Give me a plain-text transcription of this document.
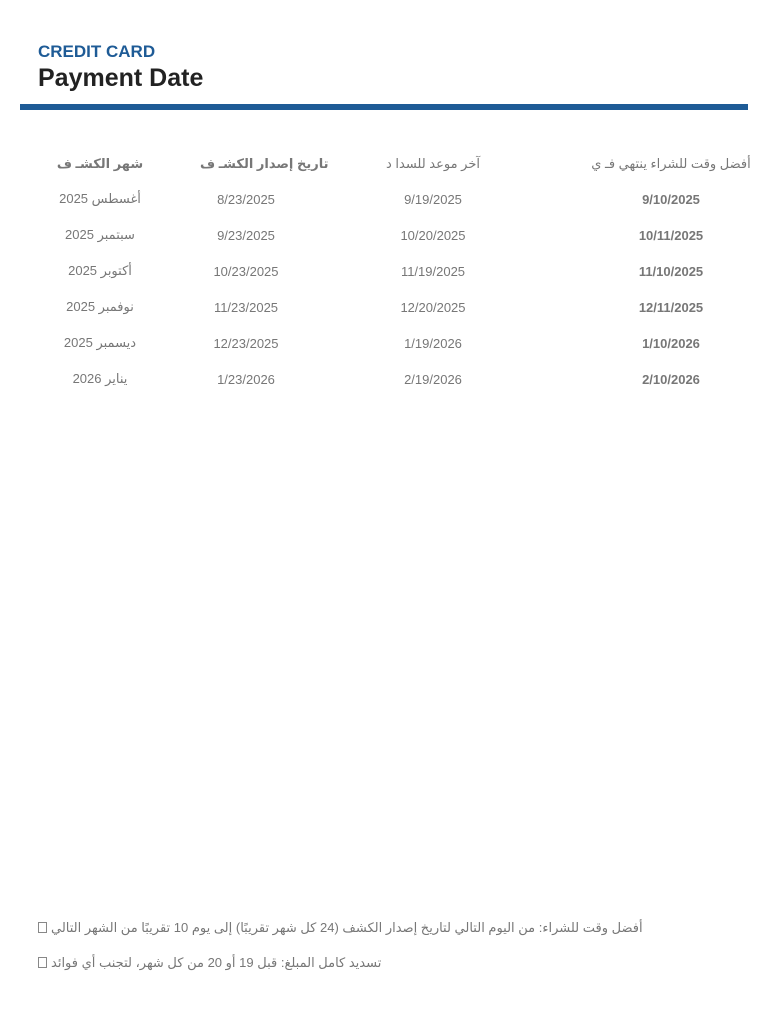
CREDIT CARD
Payment Date
شهر الكشـ ف	تاريخ إصدار الكشـ ف	آخر موعد للسدا د	أفضل وقت للشراء ينتهي فـ ي
أغسطس 2025	8/23/2025	9/19/2025	9/10/2025
سبتمبر 2025	9/23/2025	10/20/2025	10/11/2025
أكتوبر 2025	10/23/2025	11/19/2025	11/10/2025
نوفمبر 2025	11/23/2025	12/20/2025	12/11/2025
ديسمبر 2025	12/23/2025	1/19/2026	1/10/2026
يناير 2026	1/23/2026	2/19/2026	2/10/2026
أفضل وقت للشراء: من اليوم التالي لتاريخ إصدار الكشف (24 كل شهر تقريبًا) إلى يوم 10 تقريبًا من الشهر التالي
تسديد كامل المبلغ: قبل 19 أو 20 من كل شهر، لتجنب أي فوائد
